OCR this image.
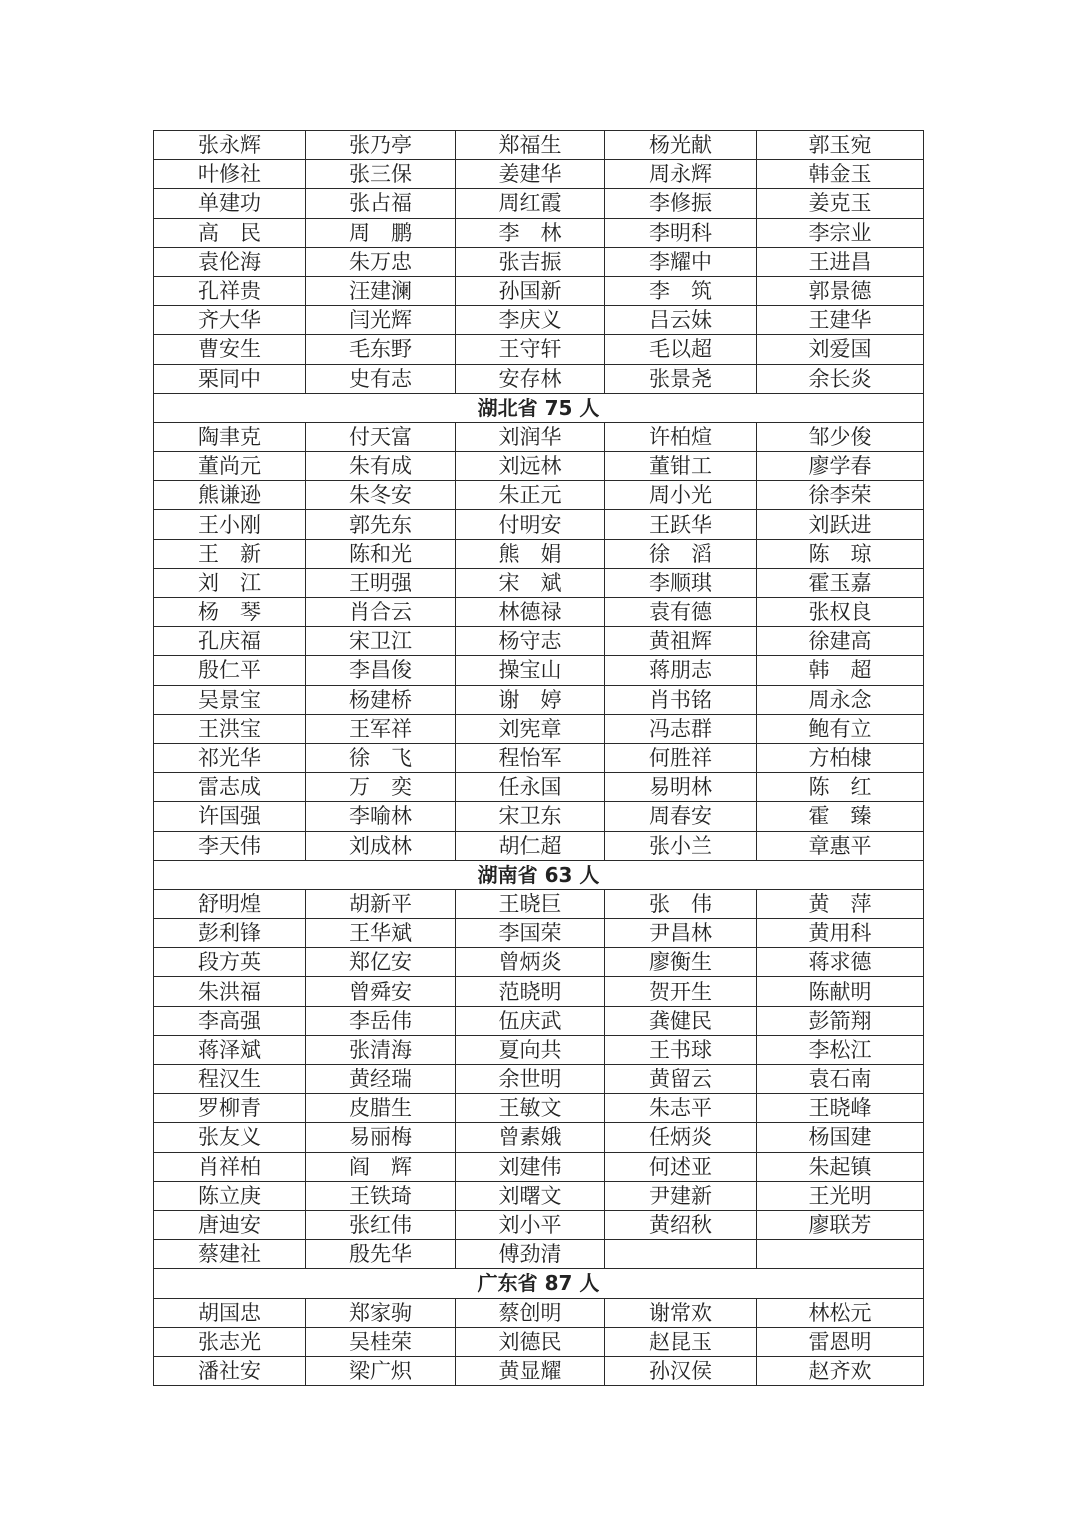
张永辉	张乃亭	郑福生	杨光献	郭玉宛
叶修社	张三保	姜建华	周永辉	韩金玉
单建功	张占福	周红霞	李修振	姜克玉
高　民	周　鹏	李　林	李明科	李宗业
袁伦海	朱万忠	张吉振	李耀中	王进昌
孔祥贵	汪建澜	孙国新	李　筑	郭景德
齐大华	闫光辉	李庆义	吕云妹	王建华
曹安生	毛东野	王守轩	毛以超	刘爱国
栗同中	史有志	安存林	张景尧	余长炎
湖北省 75 人				
陶聿克	付天富	刘润华	许柏煊	邹少俊
董尚元	朱有成	刘远林	董钳工	廖学春
熊谦逊	朱冬安	朱正元	周小光	徐李荣
王小刚	郭先东	付明安	王跃华	刘跃进
王　新	陈和光	熊　娟	徐　滔	陈　琼
刘　江	王明强	宋　斌	李顺琪	霍玉嘉
杨　琴	肖合云	林德禄	袁有德	张权良
孔庆福	宋卫江	杨守志	黄祖辉	徐建高
殷仁平	李昌俊	操宝山	蒋朋志	韩　超
吴景宝	杨建桥	谢　婷	肖书铭	周永念
王洪宝	王军祥	刘宪章	冯志群	鲍有立
祁光华	徐　飞	程怡军	何胜祥	方柏棣
雷志成	万　奕	任永国	易明林	陈　红
许国强	李喻林	宋卫东	周春安	霍　臻
李天伟	刘成林	胡仁超	张小兰	章惠平
湖南省 63 人				
舒明煌	胡新平	王晓巨	张　伟	黄　萍
彭利锋	王华斌	李国荣	尹昌林	黄用科
段方英	郑亿安	曾炳炎	廖衡生	蒋求德
朱洪福	曾舜安	范晓明	贺开生	陈献明
李高强	李岳伟	伍庆武	龚健民	彭箭翔
蒋泽斌	张清海	夏向共	王书球	李松江
程汉生	黄经瑞	余世明	黄留云	袁石南
罗柳青	皮腊生	王敏文	朱志平	王晓峰
张友义	易丽梅	曾素娥	任炳炎	杨国建
肖祥柏	阎　辉	刘建伟	何述亚	朱起镇
陈立庚	王铁琦	刘曙文	尹建新	王光明
唐迪安	张红伟	刘小平	黄绍秋	廖联芳
蔡建社	殷先华	傅劲清		
广东省 87 人				
胡国忠	郑家驹	蔡创明	谢常欢	林松元
张志光	吴桂荣	刘德民	赵昆玉	雷恩明
潘社安	梁广炽	黄显耀	孙汉侯	赵齐欢
